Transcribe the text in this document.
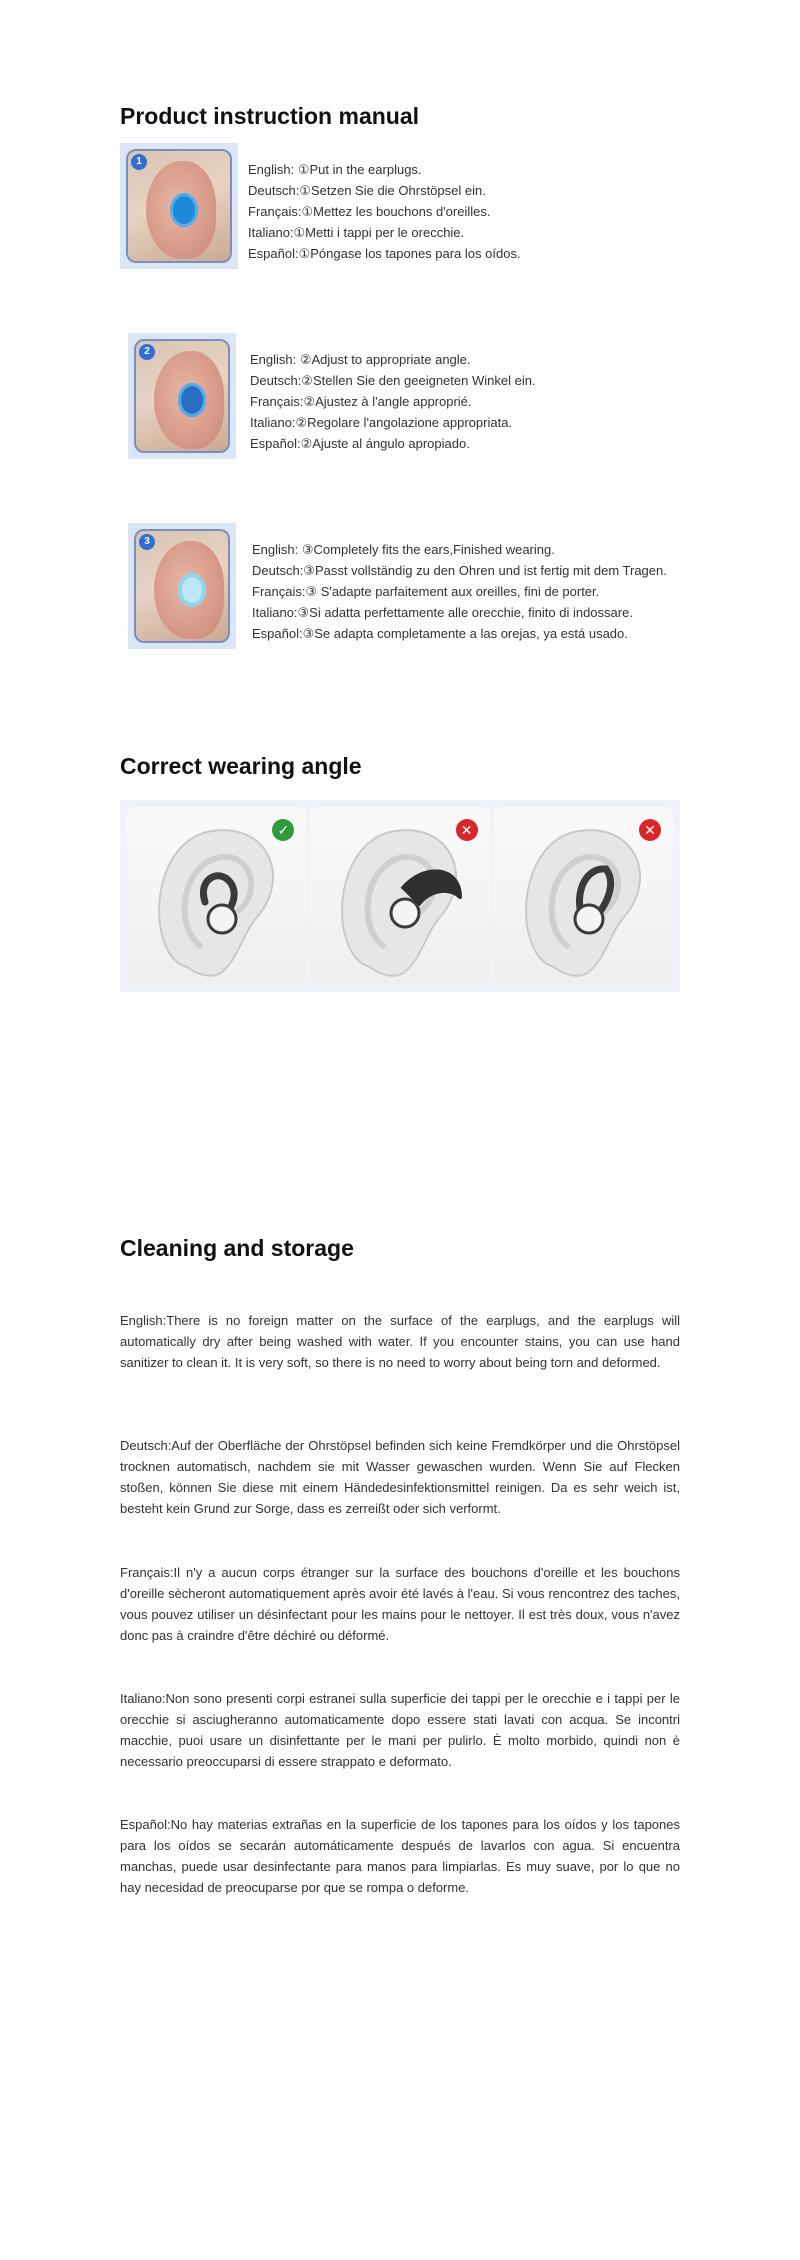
Product instruction manual
1
English: ①Put in the earplugs.
Deutsch:①Setzen Sie die Ohrstöpsel ein.
Français:①Mettez les bouchons d'oreilles.
Italiano:①Metti i tappi per le orecchie.
Español:①Póngase los tapones para los oídos.
2
English: ②Adjust to appropriate angle.
Deutsch:②Stellen Sie den geeigneten Winkel ein.
Français:②Ajustez à l'angle approprié.
Italiano:②Regolare l'angolazione appropriata.
Español:②Ajuste al ángulo apropiado.
3
English: ③Completely fits the ears,Finished wearing.
Deutsch:③Passt vollständig zu den Ohren und ist fertig mit dem Tragen.
Français:③ S'adapte parfaitement aux oreilles, fini de porter.
Italiano:③Si adatta perfettamente alle orecchie, finito di indossare.
Español:③Se adapta completamente a las orejas, ya está usado.
Correct wearing angle
✓	✕	✕
Cleaning and storage

English:There is no foreign matter on the surface of the earplugs, and the earplugs will automatically dry after being washed with water. If you encounter stains, you can use hand sanitizer to clean it. It is very soft, so there is no need to worry about being torn and deformed.

Deutsch:Auf der Oberfläche der Ohrstöpsel befinden sich keine Fremdkörper und die Ohrstöpsel trocknen automatisch, nachdem sie mit Wasser gewaschen wurden. Wenn Sie auf Flecken stoßen, können Sie diese mit einem Händedesinfektionsmittel reinigen. Da es sehr weich ist, besteht kein Grund zur Sorge, dass es zerreißt oder sich verformt.

Français:Il n'y a aucun corps étranger sur la surface des bouchons d'oreille et les bouchons d'oreille sècheront automatiquement après avoir été lavés à l'eau. Si vous rencontrez des taches, vous pouvez utiliser un désinfectant pour les mains pour le nettoyer. Il est très doux, vous n'avez donc pas à craindre d'être déchiré ou déformé.

Italiano:Non sono presenti corpi estranei sulla superficie dei tappi per le orecchie e i tappi per le orecchie si asciugheranno automaticamente dopo essere stati lavati con acqua. Se incontri macchie, puoi usare un disinfettante per le mani per pulirlo. È molto morbido, quindi non è necessario preoccuparsi di essere strappato e deformato.

Español:No hay materias extrañas en la superficie de los tapones para los oídos y los tapones para los oídos se secarán automáticamente después de lavarlos con agua. Si encuentra manchas, puede usar desinfectante para manos para limpiarlas. Es muy suave, por lo que no hay necesidad de preocuparse por que se rompa o deforme.
